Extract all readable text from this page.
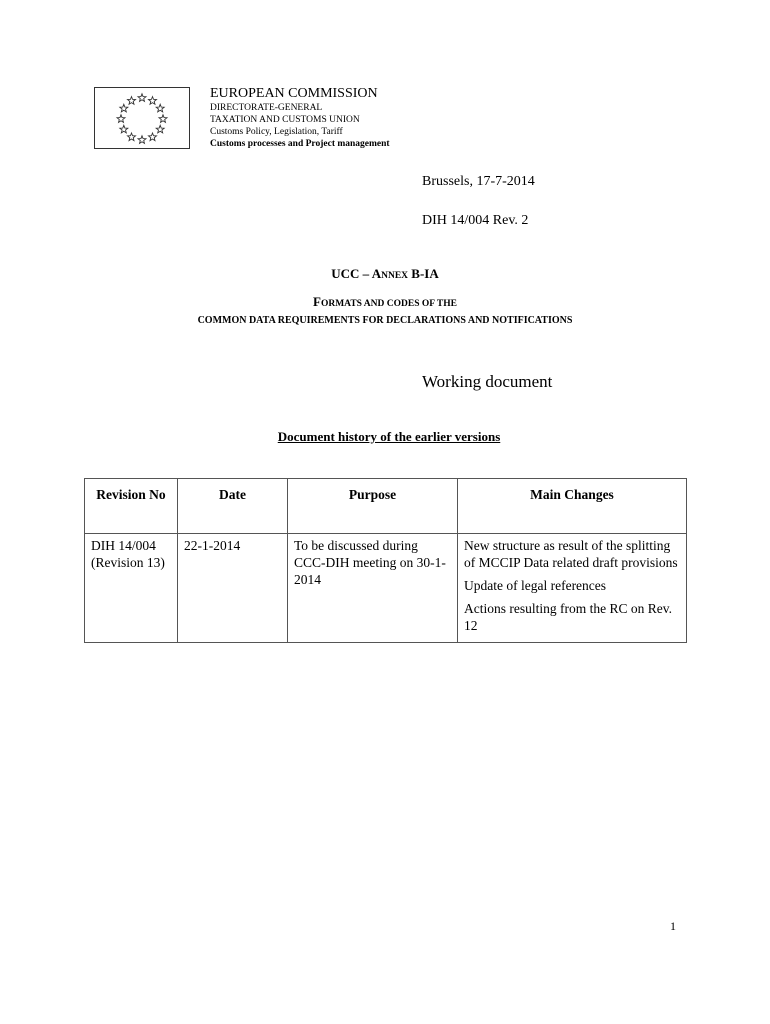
EUROPEAN COMMISSION
DIRECTORATE-GENERAL
TAXATION AND CUSTOMS UNION
Customs Policy, Legislation, Tariff
Customs processes and Project management
Brussels, 17-7-2014
DIH 14/004 Rev. 2
UCC – ANNEX B-IA
FORMATS AND CODES OF THE
COMMON DATA REQUIREMENTS FOR DECLARATIONS AND NOTIFICATIONS
Working document
Document history of the earlier versions
Revision No	Date	Purpose	Main Changes
DIH 14/004 (Revision 13)	22-1-2014	To be discussed during CCC-DIH meeting on 30-1-2014	New structure as result of the splitting of MCCIP Data related draft provisions

Update of legal references

Actions resulting from the RC on Rev. 12

1
